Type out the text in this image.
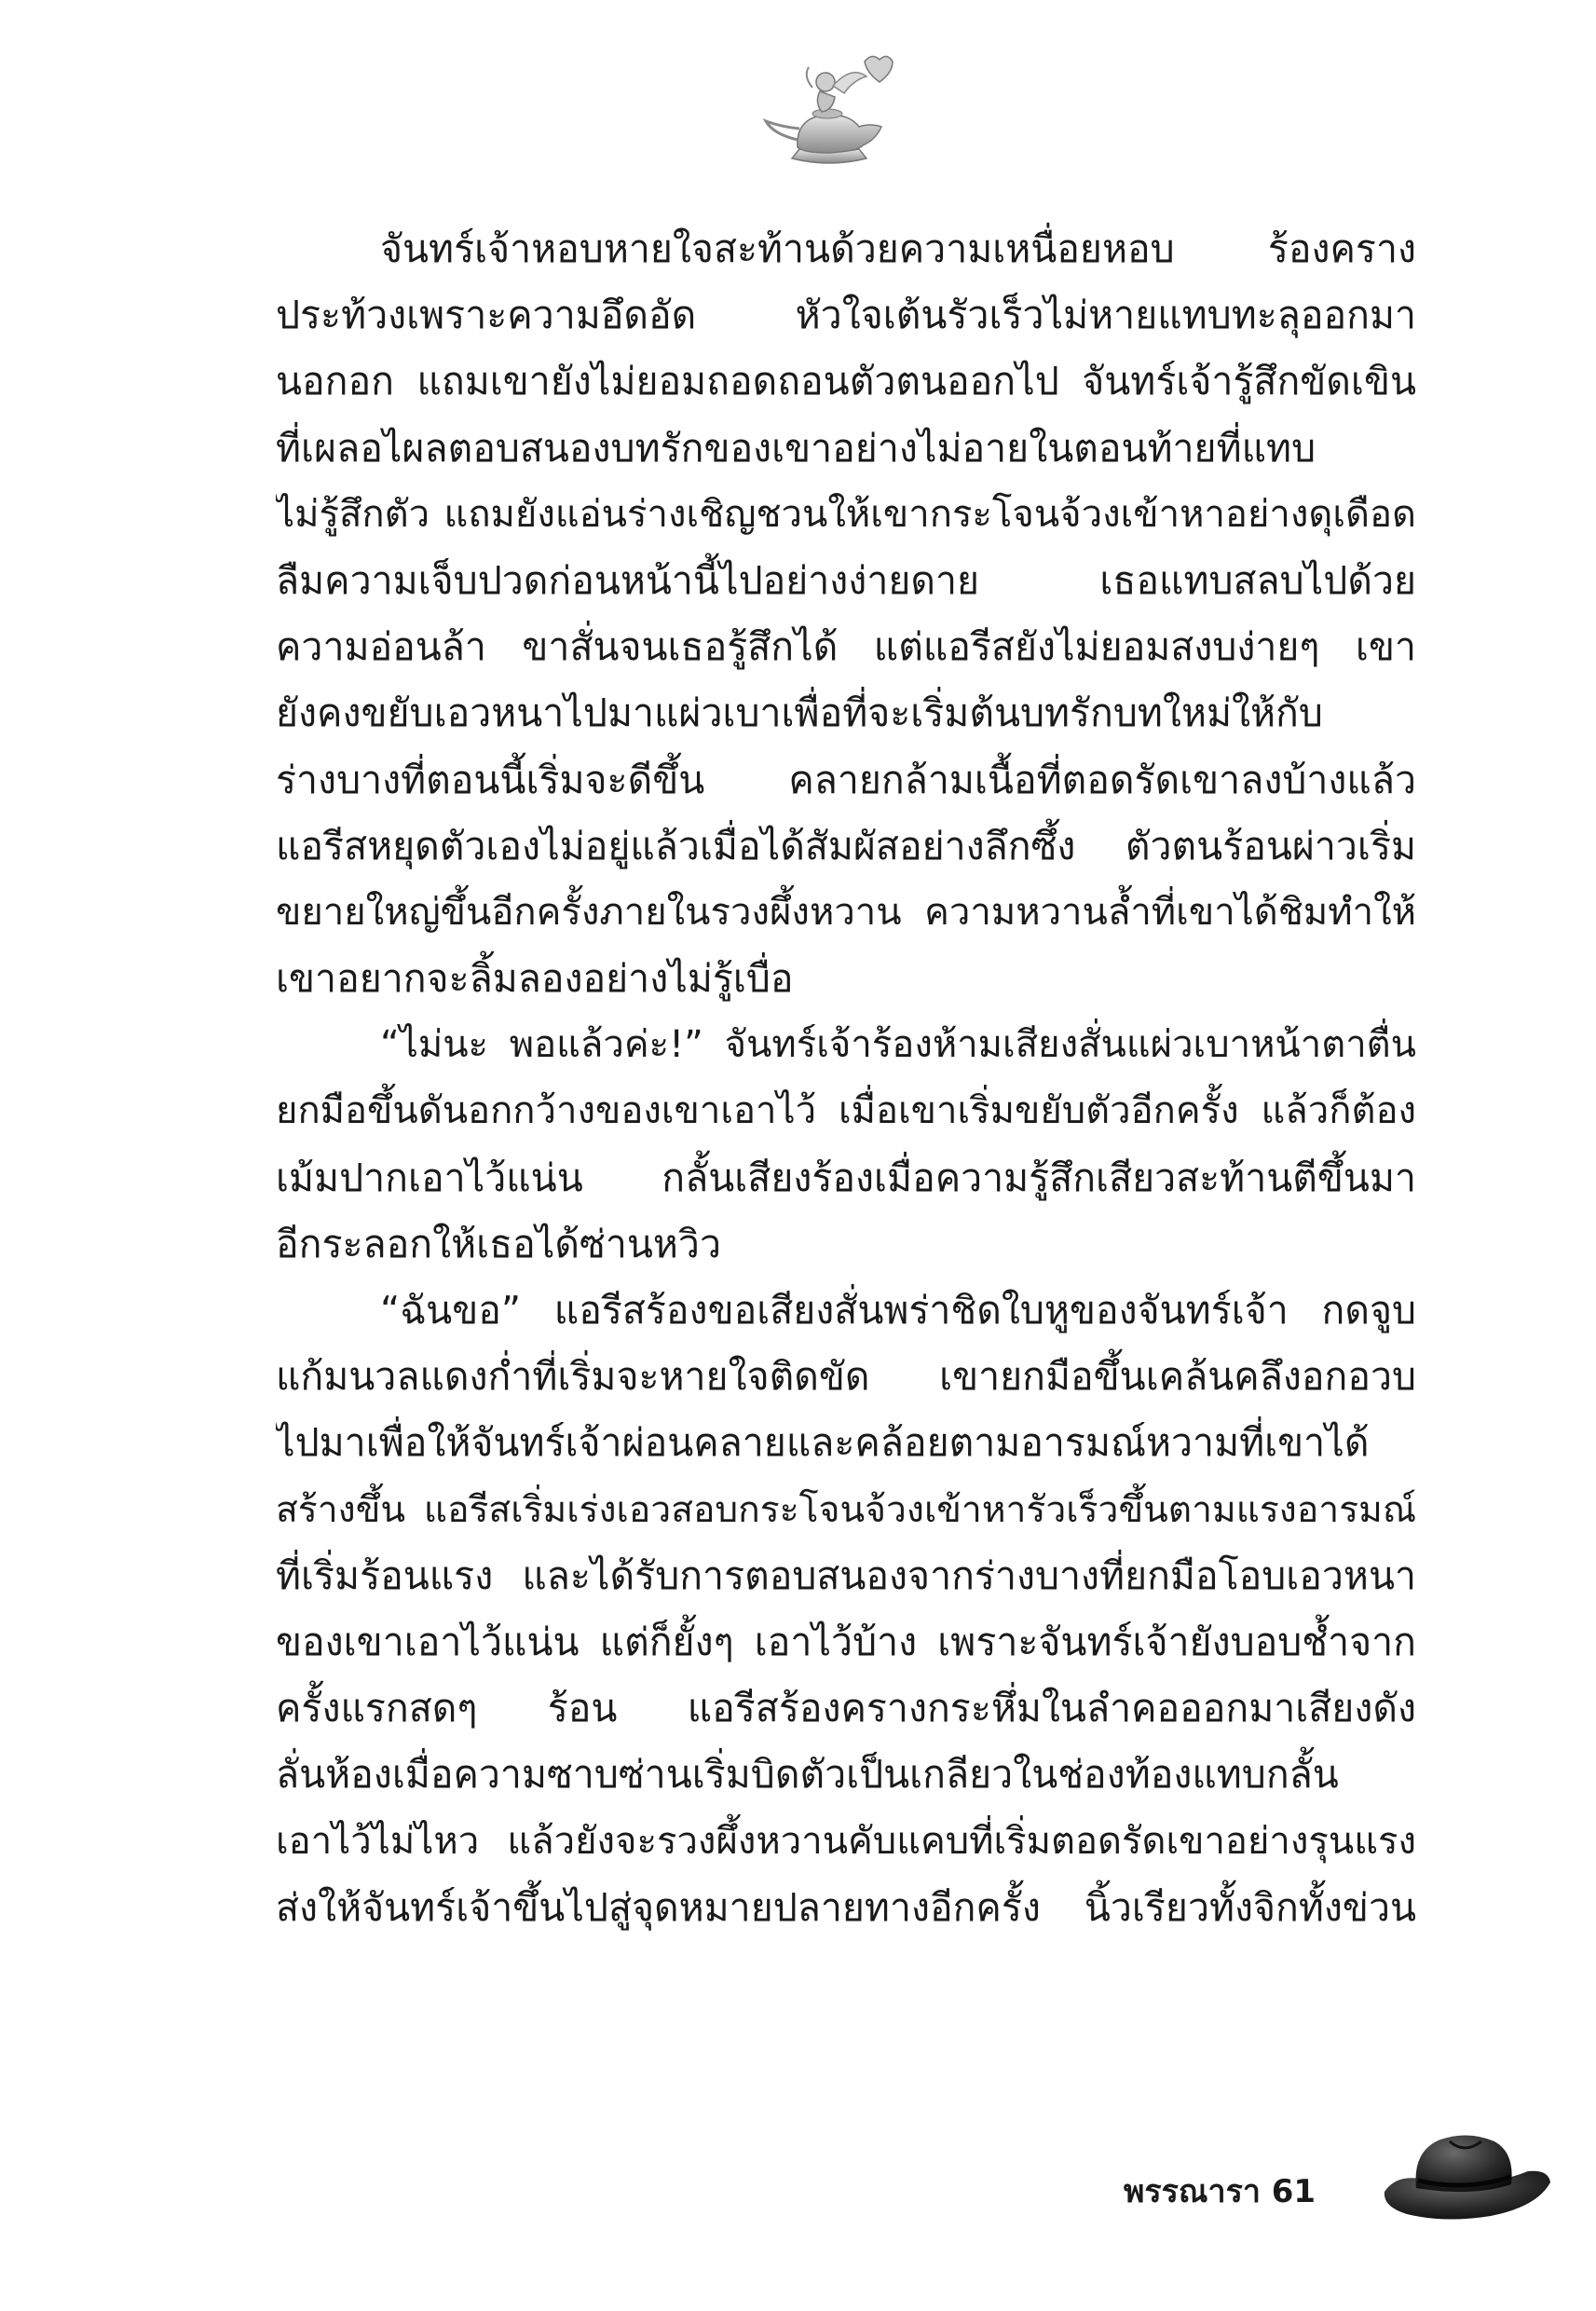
จันทร์เจ้าหอบหายใจสะท้านด้วยความเหนื่อยหอบ ร้องคราง
ประท้วงเพราะความอึดอัด หัวใจเต้นรัวเร็วไม่หายแทบทะลุออกมา
นอกอก แถมเขายังไม่ยอมถอดถอนตัวตนออกไป จันทร์เจ้ารู้สึกขัดเขิน
ที่เผลอไผลตอบสนองบทรักของเขาอย่างไม่อายในตอนท้ายที่แทบ
ไม่รู้สึกตัว แถมยังแอ่นร่างเชิญชวนให้เขากระโจนจ้วงเข้าหาอย่างดุเดือด
ลืมความเจ็บปวดก่อนหน้านี้ไปอย่างง่ายดาย เธอแทบสลบไปด้วย
ความอ่อนล้า ขาสั่นจนเธอรู้สึกได้ แต่แอรีสยังไม่ยอมสงบง่ายๆ เขา
ยังคงขยับเอวหนาไปมาแผ่วเบาเพื่อที่จะเริ่มต้นบทรักบทใหม่ให้กับ
ร่างบางที่ตอนนี้เริ่มจะดีขึ้น คลายกล้ามเนื้อที่ตอดรัดเขาลงบ้างแล้ว
แอรีสหยุดตัวเองไม่อยู่แล้วเมื่อได้สัมผัสอย่างลึกซึ้ง ตัวตนร้อนผ่าวเริ่ม
ขยายใหญ่ขึ้นอีกครั้งภายในรวงผึ้งหวาน ความหวานล้ำที่เขาได้ชิมทำให้
เขาอยากจะลิ้มลองอย่างไม่รู้เบื่อ
“ไม่นะ พอแล้วค่ะ!” จันทร์เจ้าร้องห้ามเสียงสั่นแผ่วเบาหน้าตาตื่น
ยกมือขึ้นดันอกกว้างของเขาเอาไว้ เมื่อเขาเริ่มขยับตัวอีกครั้ง แล้วก็ต้อง
เม้มปากเอาไว้แน่น กลั้นเสียงร้องเมื่อความรู้สึกเสียวสะท้านตีขึ้นมา
อีกระลอกให้เธอได้ซ่านหวิว
“ฉันขอ” แอรีสร้องขอเสียงสั่นพร่าชิดใบหูของจันทร์เจ้า กดจูบ
แก้มนวลแดงก่ำที่เริ่มจะหายใจติดขัด เขายกมือขึ้นเคล้นคลึงอกอวบ
ไปมาเพื่อให้จันทร์เจ้าผ่อนคลายและคล้อยตามอารมณ์หวามที่เขาได้
สร้างขึ้น แอรีสเริ่มเร่งเอวสอบกระโจนจ้วงเข้าหารัวเร็วขึ้นตามแรงอารมณ์
ที่เริ่มร้อนแรง และได้รับการตอบสนองจากร่างบางที่ยกมือโอบเอวหนา
ของเขาเอาไว้แน่น แต่ก็ยั้งๆ เอาไว้บ้าง เพราะจันทร์เจ้ายังบอบช้ำจาก
ครั้งแรกสดๆ ร้อน แอรีสร้องครางกระหึ่มในลำคอออกมาเสียงดัง
ลั่นห้องเมื่อความซาบซ่านเริ่มบิดตัวเป็นเกลียวในช่องท้องแทบกลั้น
เอาไว้ไม่ไหว แล้วยังจะรวงผึ้งหวานคับแคบที่เริ่มตอดรัดเขาอย่างรุนแรง
ส่งให้จันทร์เจ้าขึ้นไปสู่จุดหมายปลายทางอีกครั้ง นิ้วเรียวทั้งจิกทั้งข่วน
พรรณารา 61
